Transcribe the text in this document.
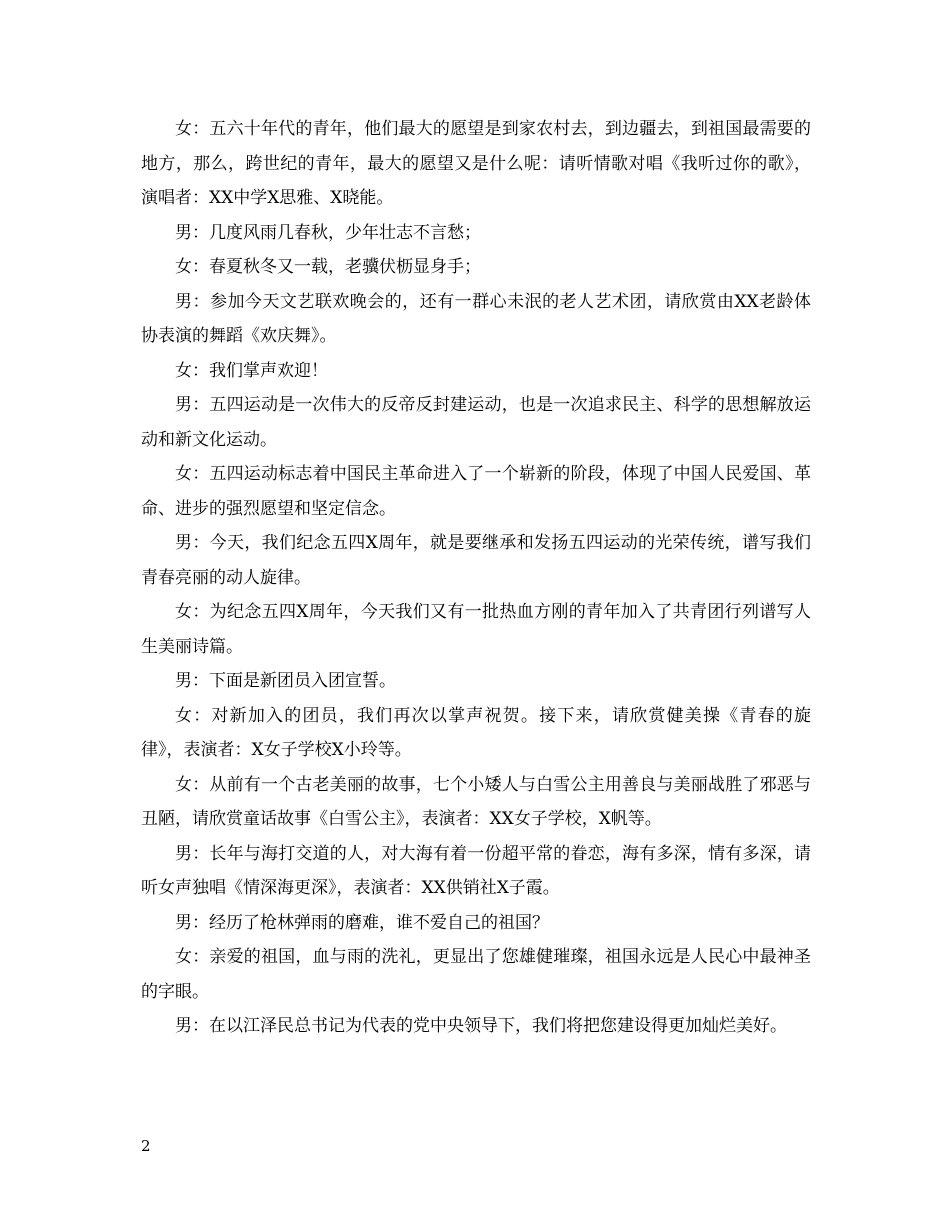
女：五六十年代的青年，他们最大的愿望是到家农村去，到边疆去，到祖国最需要的地方，那么，跨世纪的青年，最大的愿望又是什么呢：请听情歌对唱《我听过你的歌》，演唱者：XX中学X思雅、X晓能。

男：几度风雨几春秋，少年壮志不言愁；

女：春夏秋冬又一载，老骥伏枥显身手；

男：参加今天文艺联欢晚会的，还有一群心未泯的老人艺术团，请欣赏由XX老龄体协表演的舞蹈《欢庆舞》。

女：我们掌声欢迎！

男：五四运动是一次伟大的反帝反封建运动，也是一次追求民主、科学的思想解放运动和新文化运动。

女：五四运动标志着中国民主革命进入了一个崭新的阶段，体现了中国人民爱国、革命、进步的强烈愿望和坚定信念。

男：今天，我们纪念五四X周年，就是要继承和发扬五四运动的光荣传统，谱写我们青春亮丽的动人旋律。

女：为纪念五四X周年，今天我们又有一批热血方刚的青年加入了共青团行列谱写人生美丽诗篇。

男：下面是新团员入团宣誓。

女：对新加入的团员，我们再次以掌声祝贺。接下来，请欣赏健美操《青春的旋律》，表演者：X女子学校X小玲等。

女：从前有一个古老美丽的故事，七个小矮人与白雪公主用善良与美丽战胜了邪恶与丑陋，请欣赏童话故事《白雪公主》，表演者：XX女子学校，X帆等。

男：长年与海打交道的人，对大海有着一份超平常的眷恋，海有多深，情有多深，请听女声独唱《情深海更深》，表演者：XX供销社X子霞。

男：经历了枪林弹雨的磨难，谁不爱自己的祖国？

女：亲爱的祖国，血与雨的洗礼，更显出了您雄健璀璨，祖国永远是人民心中最神圣的字眼。

男：在以江泽民总书记为代表的党中央领导下，我们将把您建设得更加灿烂美好。

2
